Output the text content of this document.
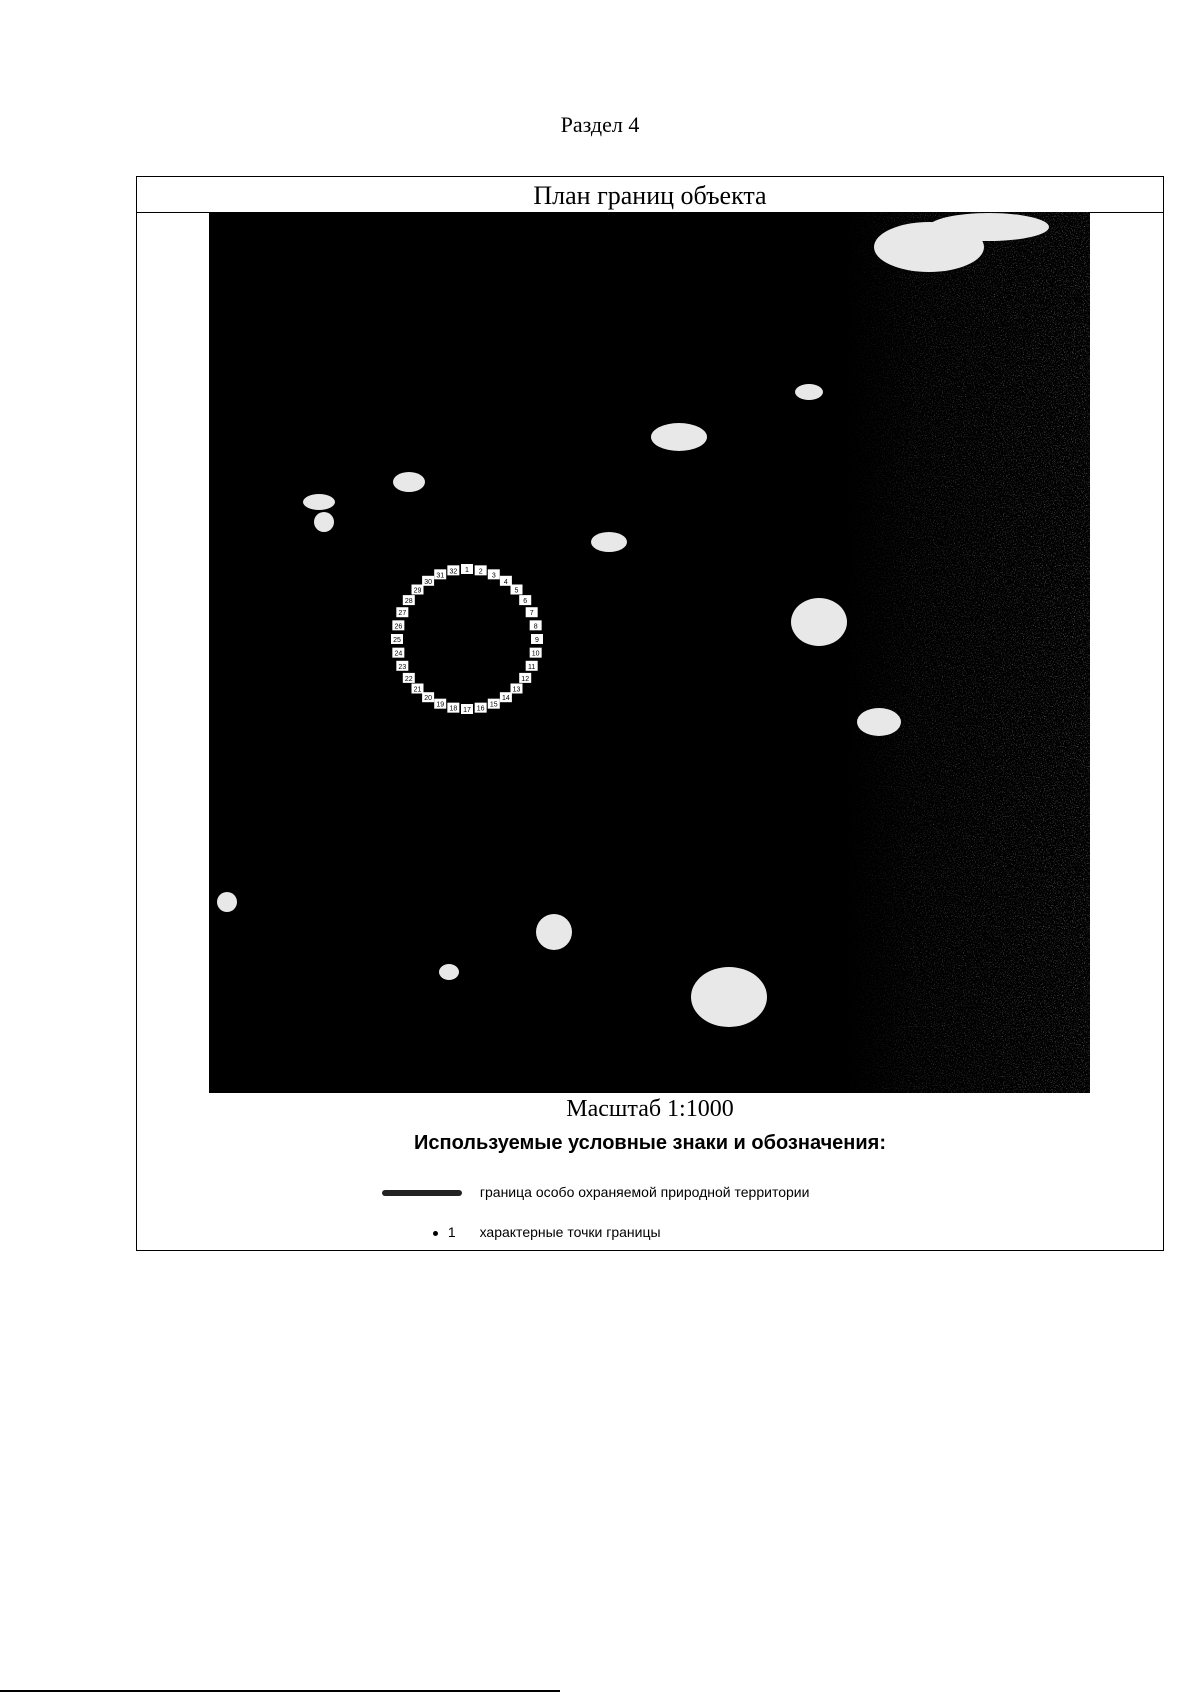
Раздел 4
План границ объекта
1 2
3
4
5
6
7
8
9
10
11
12
13
14
15
16
17
18
19
20
21
22
23
24
25
26
27
28
29
30
31
32
Масштаб 1:1000
Используемые условные знаки и обозначения:
граница особо охраняемой природной территории
1 характерные точки границы
